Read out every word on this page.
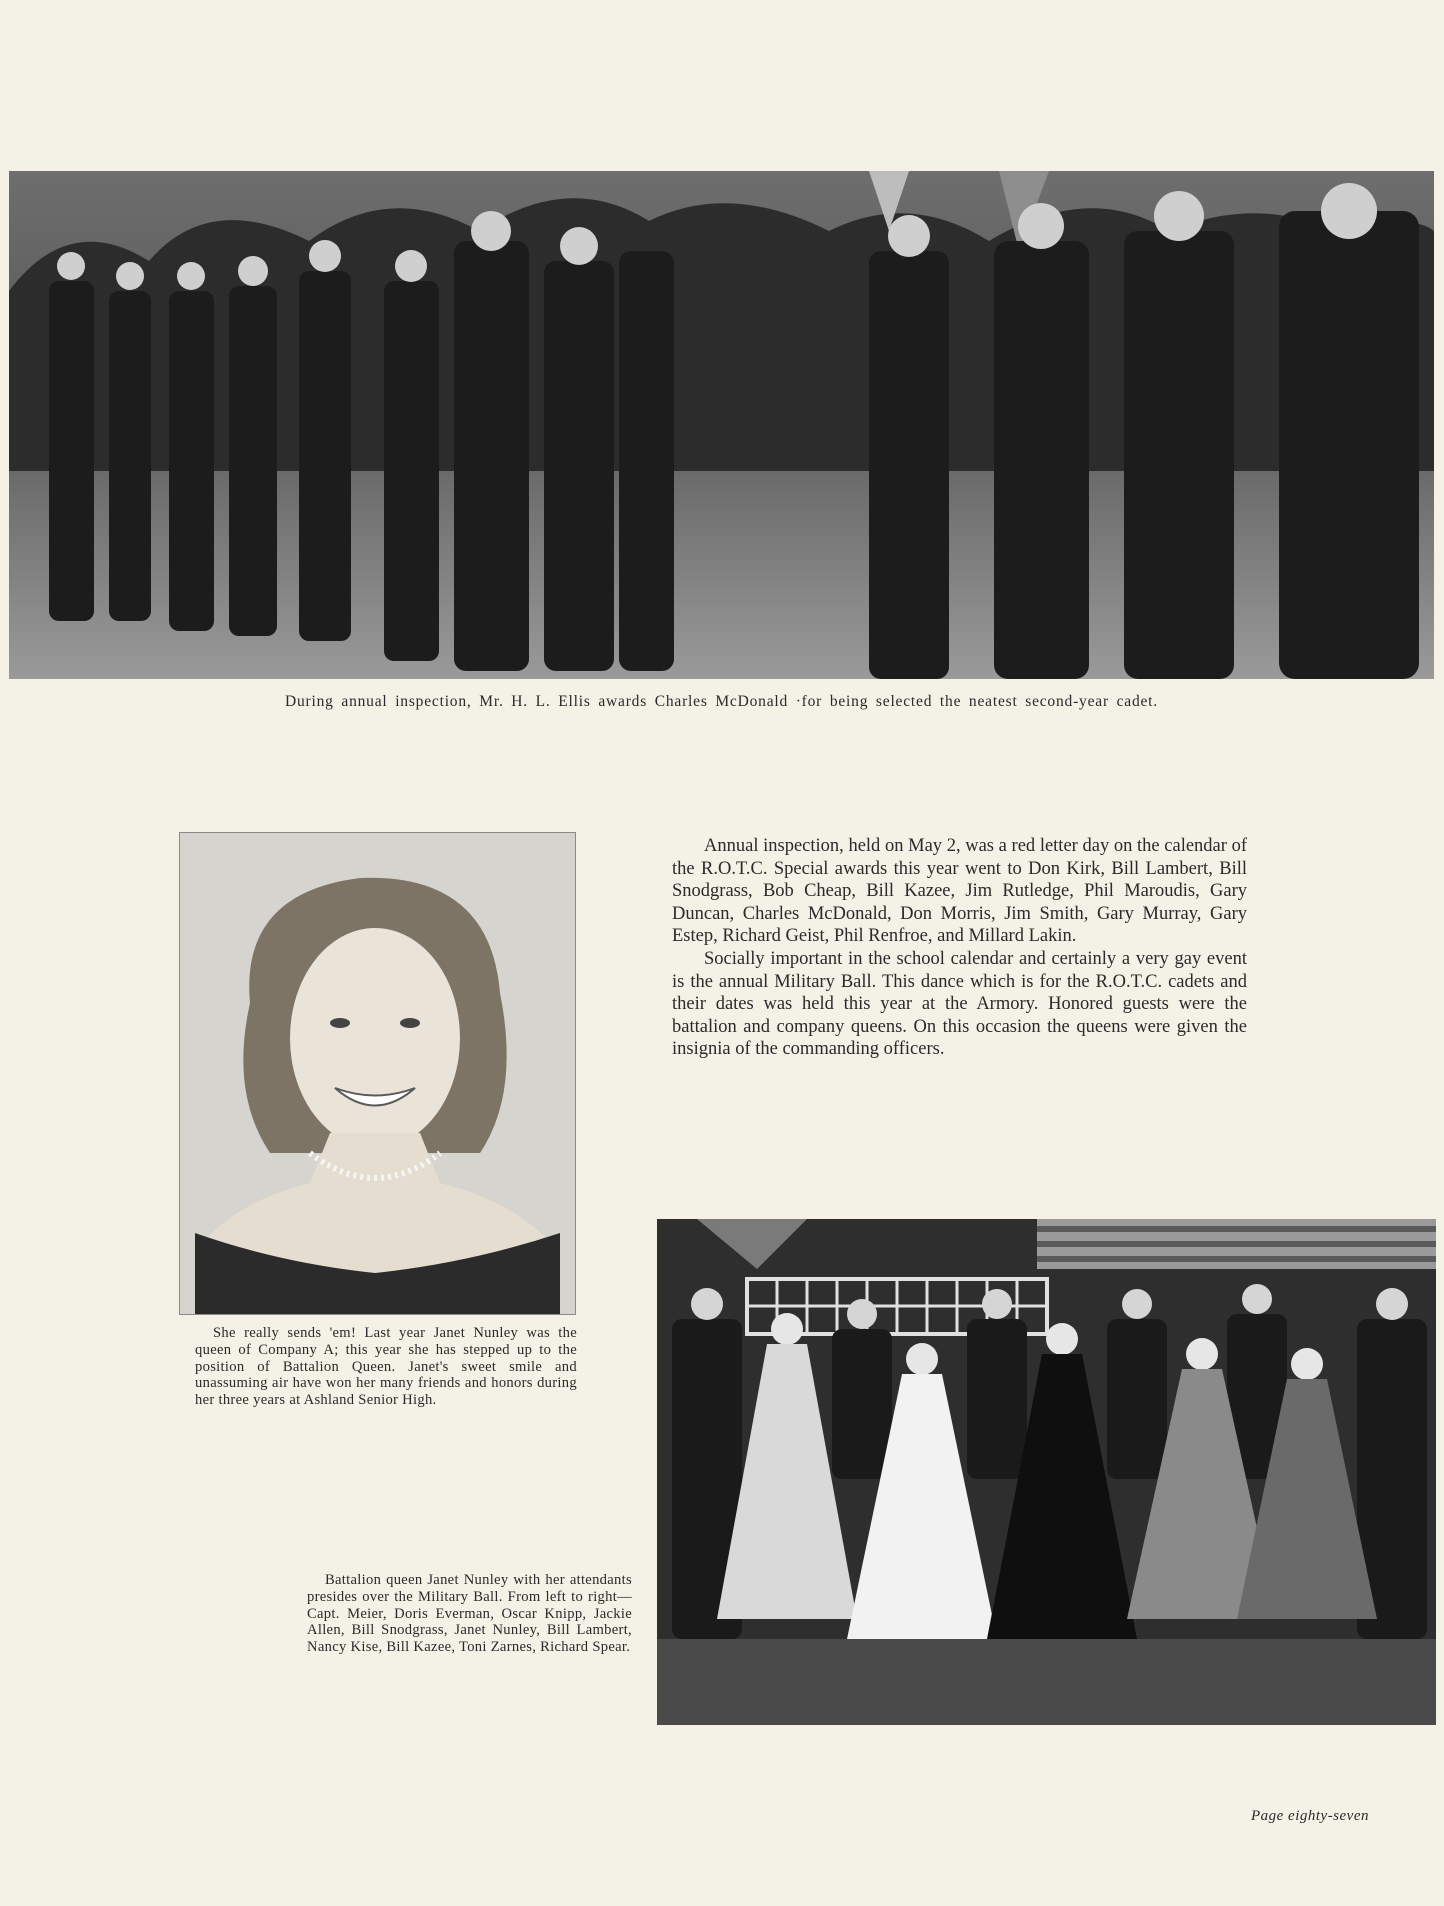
During annual inspection, Mr. H. L. Ellis awards Charles McDonald ·for being selected the neatest second-year cadet.

Annual inspection, held on May 2, was a red letter day on the calendar of the R.O.T.C. Special awards this year went to Don Kirk, Bill Lambert, Bill Snodgrass, Bob Cheap, Bill Kazee, Jim Rutledge, Phil Maroudis, Gary Duncan, Charles McDonald, Don Morris, Jim Smith, Gary Murray, Gary Estep, Richard Geist, Phil Renfroe, and Millard Lakin.

Socially important in the school calendar and certainly a very gay event is the annual Military Ball. This dance which is for the R.O.T.C. cadets and their dates was held this year at the Armory. Honored guests were the battalion and company queens. On this occasion the queens were given the insignia of the commanding officers.

She really sends 'em! Last year Janet Nunley was the queen of Company A; this year she has stepped up to the position of Battalion Queen. Janet's sweet smile and unassuming air have won her many friends and honors during her three years at Ashland Senior High.

Battalion queen Janet Nunley with her attendants presides over the Military Ball. From left to right—Capt. Meier, Doris Everman, Oscar Knipp, Jackie Allen, Bill Snodgrass, Janet Nunley, Bill Lambert, Nancy Kise, Bill Kazee, Toni Zarnes, Richard Spear.

Page eighty-seven
